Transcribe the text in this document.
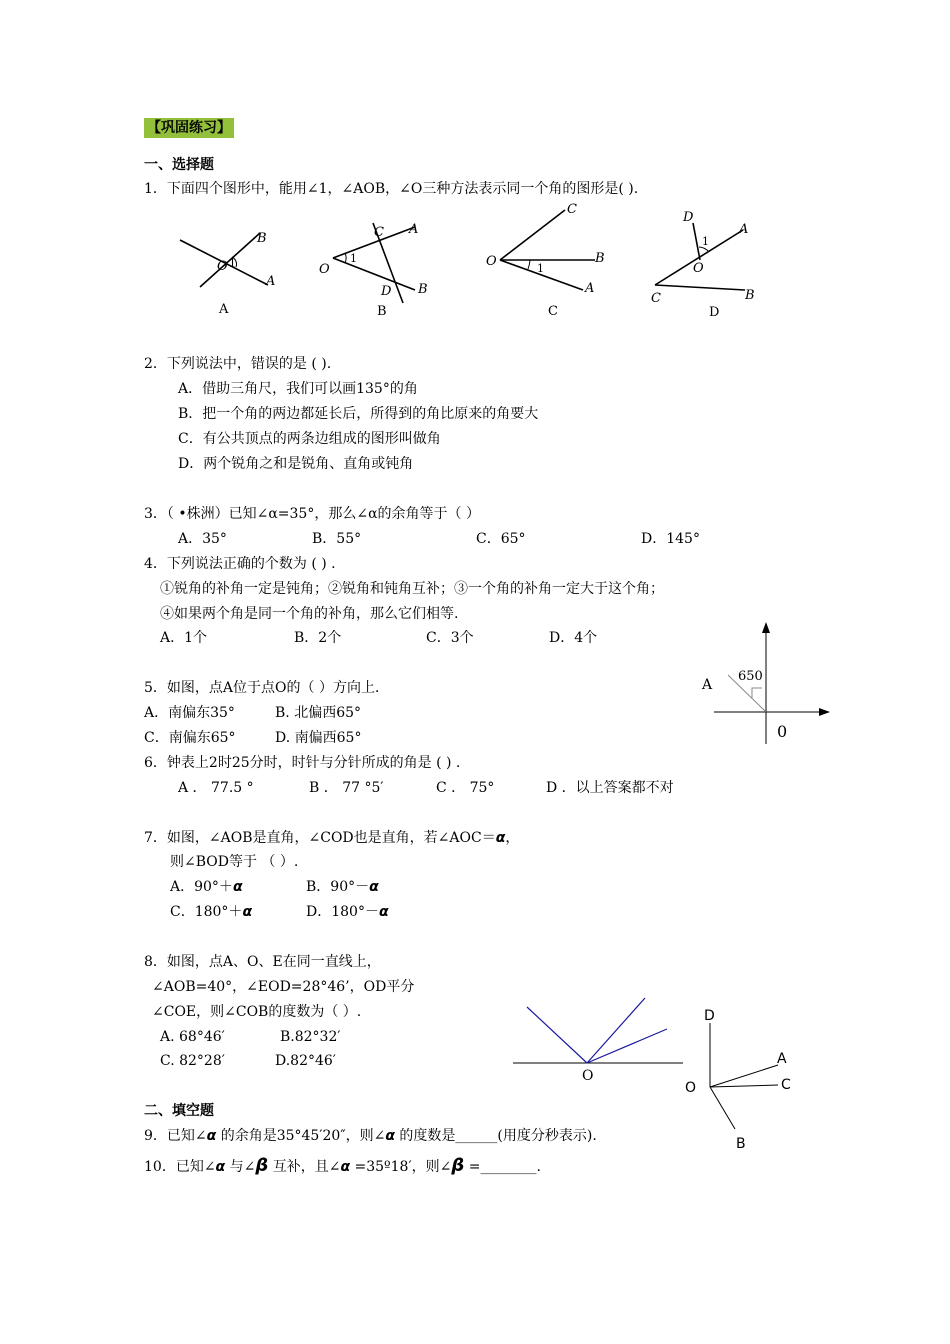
【巩固练习】
一、选择题
1．下面四个图形中，能用∠1，∠AOB，∠O三种方法表示同一个角的图形是( ).
B
O
A
1
A
C A
O
1
D B
B
C
O	B
A
1
C
D
A
1
O
C	B
D
2．下列说法中，错误的是 ( ).
A．借助三角尺，我们可以画135°的角
B．把一个角的两边都延长后，所得到的角比原来的角要大
C．有公共顶点的两条边组成的图形叫做角
D．两个锐角之和是锐角、直角或钝角
3．（ •株洲）已知∠α=35°，那么∠α的余角等于（ ）
A．35°	B．55°	C．65°	D．145°
4．下列说法正确的个数为 ( ) .
①锐角的补角一定是钝角；②锐角和钝角互补；③一个角的补角一定大于这个角；
④如果两个角是同一个角的补角，那么它们相等.
A．1个	B．2个	C．3个	D．4个
A
650
0
5．如图，点A位于点O的（ ）方向上．
A．南偏东35°	B. 北偏西65°
C．南偏东65°	D. 南偏西65°
6．钟表上2时25分时，时针与分针所成的角是 ( ) .
A ． 77.5 °	B ． 77 °5′	C ． 75°	D ．以上答案都不对
7．如图，∠AOB是直角，∠COD也是直角，若∠AOC＝α，
则∠BOD等于 （ ）.
A．90°＋α	B．90°－α
C．180°＋α	D．180°－α
8．如图，点A、O、E在同一直线上，
∠AOB=40°，∠EOD=28°46’，OD平分
∠COE，则∠COB的度数为（ ）.
A. 68°46′	B.82°32′
C. 82°28′	D.82°46′
O
D
A
O	C
B
二、填空题
9．已知∠α 的余角是35°45′20″，则∠α 的度数是______(用度分秒表示).
10．已知∠α 与∠β 互补，且∠α =35º18′，则∠β =________.
